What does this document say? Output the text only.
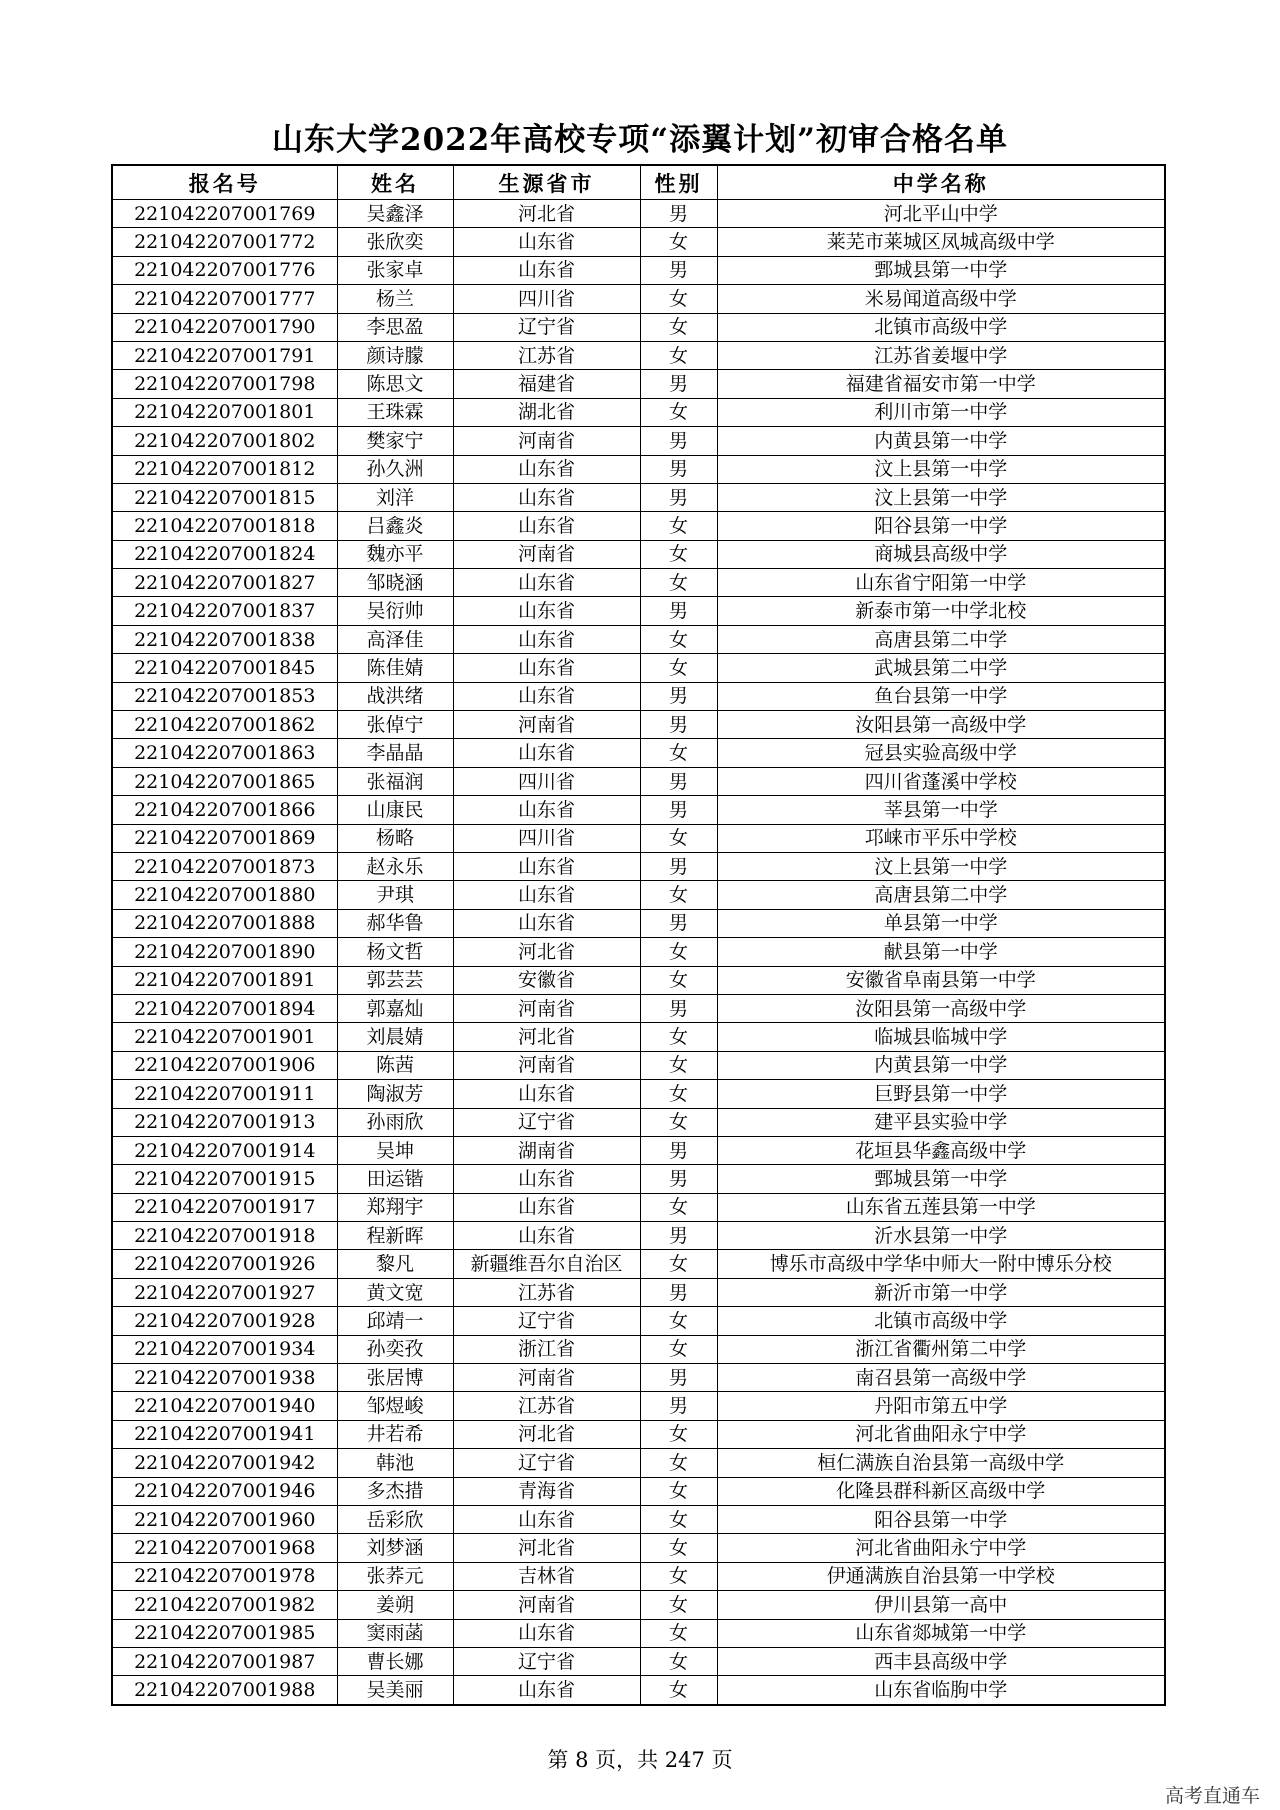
山东大学2022年高校专项“添翼计划”初审合格名单
报名号	姓名	生源省市	性别	中学名称
221042207001769	吴鑫泽	河北省	男	河北平山中学
221042207001772	张欣奕	山东省	女	莱芜市莱城区凤城高级中学
221042207001776	张家卓	山东省	男	鄄城县第一中学
221042207001777	杨兰	四川省	女	米易闻道高级中学
221042207001790	李思盈	辽宁省	女	北镇市高级中学
221042207001791	颜诗朦	江苏省	女	江苏省姜堰中学
221042207001798	陈思文	福建省	男	福建省福安市第一中学
221042207001801	王珠霖	湖北省	女	利川市第一中学
221042207001802	樊家宁	河南省	男	内黄县第一中学
221042207001812	孙久洲	山东省	男	汶上县第一中学
221042207001815	刘洋	山东省	男	汶上县第一中学
221042207001818	吕鑫炎	山东省	女	阳谷县第一中学
221042207001824	魏亦平	河南省	女	商城县高级中学
221042207001827	邹晓涵	山东省	女	山东省宁阳第一中学
221042207001837	吴衍帅	山东省	男	新泰市第一中学北校
221042207001838	高泽佳	山东省	女	高唐县第二中学
221042207001845	陈佳婧	山东省	女	武城县第二中学
221042207001853	战洪绪	山东省	男	鱼台县第一中学
221042207001862	张倬宁	河南省	男	汝阳县第一高级中学
221042207001863	李晶晶	山东省	女	冠县实验高级中学
221042207001865	张福润	四川省	男	四川省蓬溪中学校
221042207001866	山康民	山东省	男	莘县第一中学
221042207001869	杨略	四川省	女	邛崃市平乐中学校
221042207001873	赵永乐	山东省	男	汶上县第一中学
221042207001880	尹琪	山东省	女	高唐县第二中学
221042207001888	郝华鲁	山东省	男	单县第一中学
221042207001890	杨文哲	河北省	女	献县第一中学
221042207001891	郭芸芸	安徽省	女	安徽省阜南县第一中学
221042207001894	郭嘉灿	河南省	男	汝阳县第一高级中学
221042207001901	刘晨婧	河北省	女	临城县临城中学
221042207001906	陈茜	河南省	女	内黄县第一中学
221042207001911	陶淑芳	山东省	女	巨野县第一中学
221042207001913	孙雨欣	辽宁省	女	建平县实验中学
221042207001914	吴坤	湖南省	男	花垣县华鑫高级中学
221042207001915	田运锴	山东省	男	鄄城县第一中学
221042207001917	郑翔宇	山东省	女	山东省五莲县第一中学
221042207001918	程新晖	山东省	男	沂水县第一中学
221042207001926	黎凡	新疆维吾尔自治区	女	博乐市高级中学华中师大一附中博乐分校
221042207001927	黄文宽	江苏省	男	新沂市第一中学
221042207001928	邱靖一	辽宁省	女	北镇市高级中学
221042207001934	孙奕孜	浙江省	女	浙江省衢州第二中学
221042207001938	张居博	河南省	男	南召县第一高级中学
221042207001940	邹煜峻	江苏省	男	丹阳市第五中学
221042207001941	井若希	河北省	女	河北省曲阳永宁中学
221042207001942	韩池	辽宁省	女	桓仁满族自治县第一高级中学
221042207001946	多杰措	青海省	女	化隆县群科新区高级中学
221042207001960	岳彩欣	山东省	女	阳谷县第一中学
221042207001968	刘梦涵	河北省	女	河北省曲阳永宁中学
221042207001978	张荞元	吉林省	女	伊通满族自治县第一中学校
221042207001982	姜朔	河南省	女	伊川县第一高中
221042207001985	窦雨菡	山东省	女	山东省郯城第一中学
221042207001987	曹长娜	辽宁省	女	西丰县高级中学
221042207001988	吴美丽	山东省	女	山东省临朐中学
第 8 页，共 247 页
高考直通车
